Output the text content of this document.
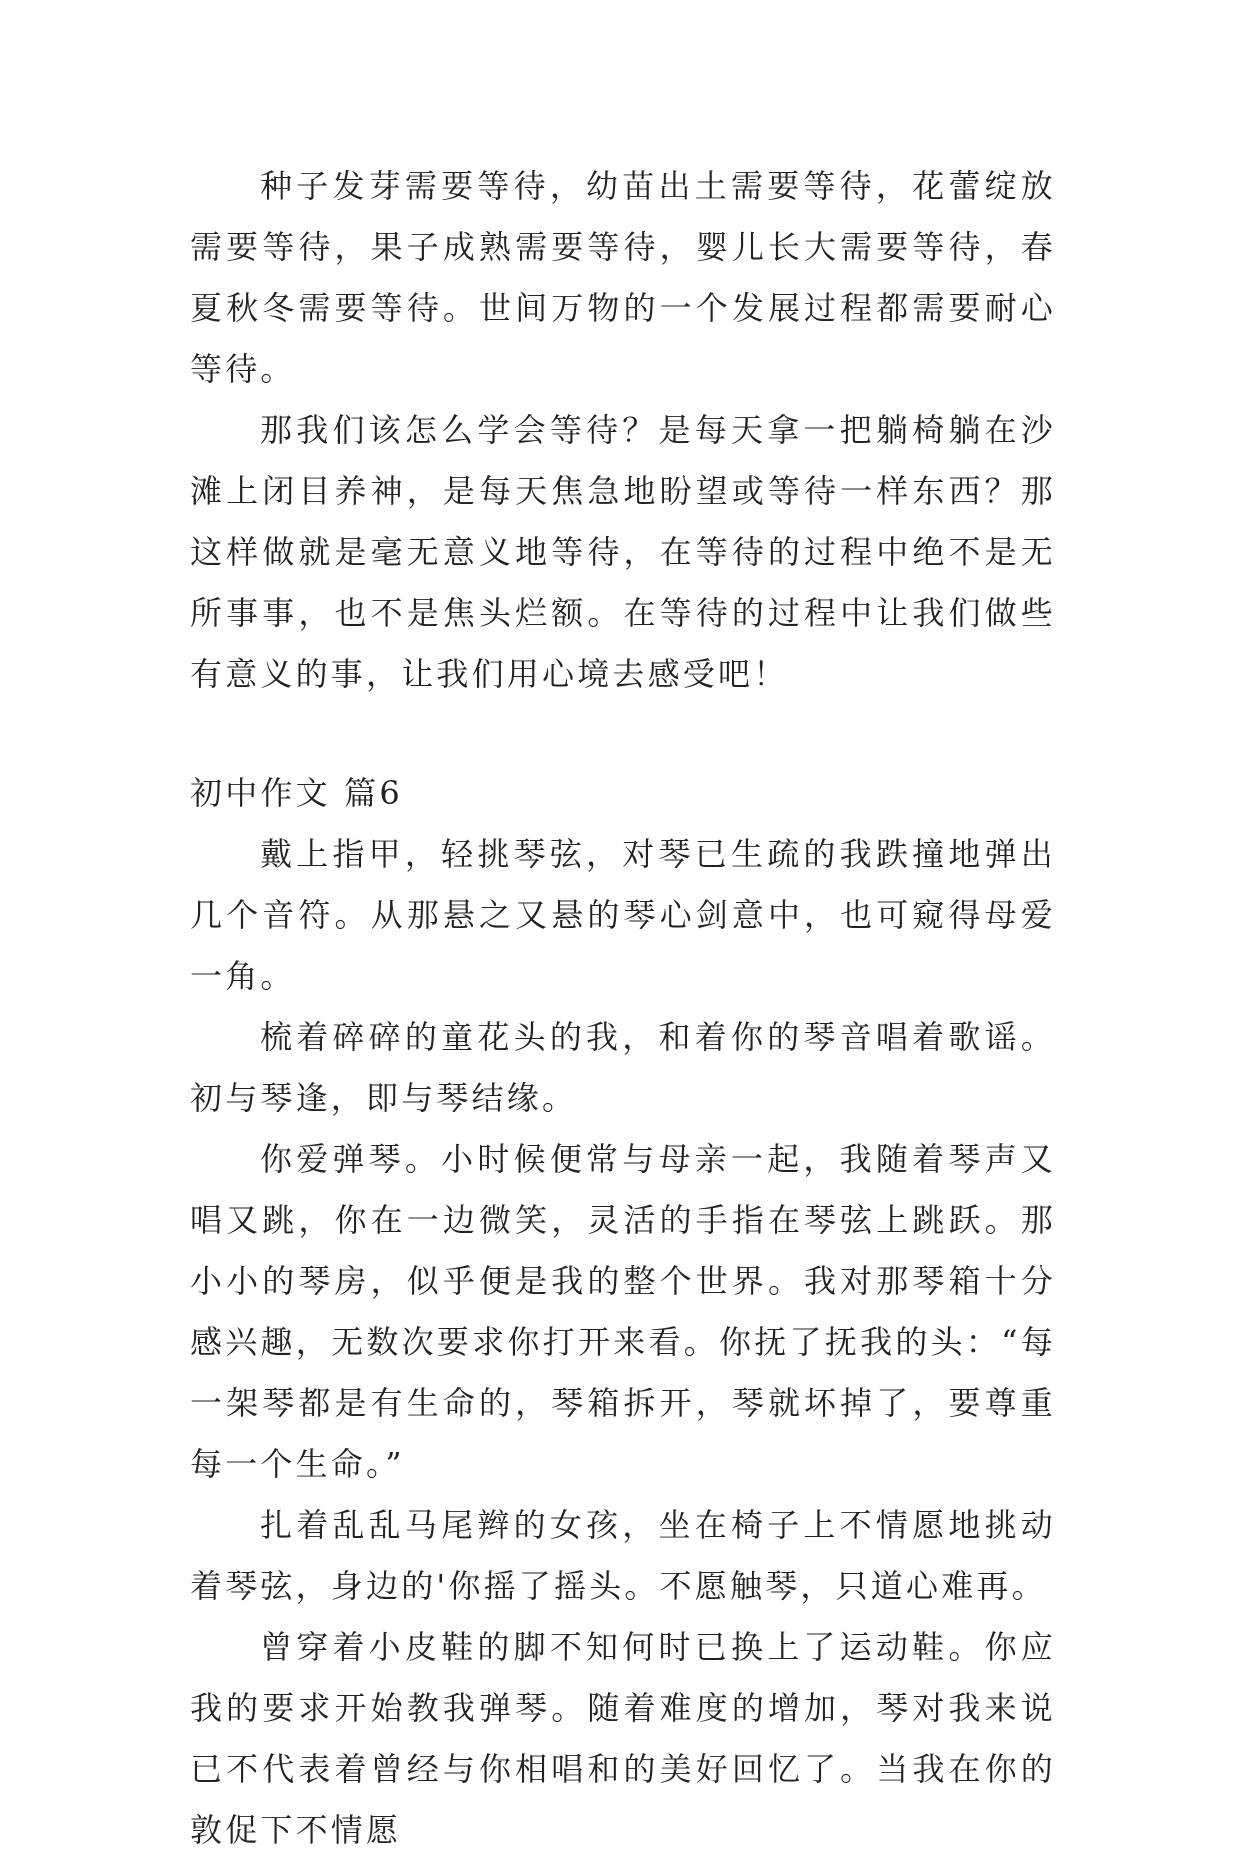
种子发芽需要等待，幼苗出土需要等待，花蕾绽放需要等待，果子成熟需要等待，婴儿长大需要等待，春夏秋冬需要等待。世间万物的一个发展过程都需要耐心等待。

那我们该怎么学会等待？是每天拿一把躺椅躺在沙滩上闭目养神，是每天焦急地盼望或等待一样东西？那这样做就是毫无意义地等待，在等待的过程中绝不是无所事事，也不是焦头烂额。在等待的过程中让我们做些有意义的事，让我们用心境去感受吧！

初中作文 篇6

戴上指甲，轻挑琴弦，对琴已生疏的我跌撞地弹出几个音符。从那悬之又悬的琴心剑意中，也可窥得母爱一角。

梳着碎碎的童花头的我，和着你的琴音唱着歌谣。初与琴逢，即与琴结缘。

你爱弹琴。小时候便常与母亲一起，我随着琴声又唱又跳，你在一边微笑，灵活的手指在琴弦上跳跃。那小小的琴房，似乎便是我的整个世界。我对那琴箱十分感兴趣，无数次要求你打开来看。你抚了抚我的头：“每一架琴都是有生命的，琴箱拆开，琴就坏掉了，要尊重每一个生命。”

扎着乱乱马尾辫的女孩，坐在椅子上不情愿地挑动着琴弦，身边的'你摇了摇头。不愿触琴，只道心难再。

曾穿着小皮鞋的脚不知何时已换上了运动鞋。你应我的要求开始教我弹琴。随着难度的增加，琴对我来说已不代表着曾经与你相唱和的美好回忆了。当我在你的敦促下不情愿
